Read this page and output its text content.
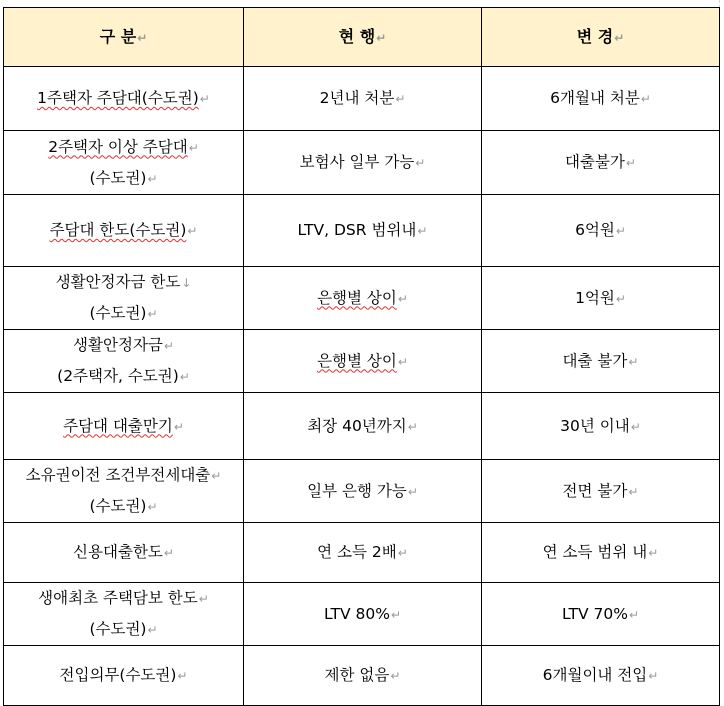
구 분↵	현 행↵	변 경↵
1주택자 주담대(수도권)↵	2년내 처분↵	6개월내 처분↵

2주택자 이상 주담대↵
(수도권)↵	보험사 일부 가능↵	대출불가↵
주담대 한도(수도권)↵	LTV, DSR 범위내↵	6억원↵

생활안정자금 한도↓
(수도권)↵	은행별 상이↵	1억원↵

생활안정자금↵
(2주택자, 수도권)↵	은행별 상이↵	대출 불가↵
주담대 대출만기↵	최장 40년까지↵	30년 이내↵

소유권이전 조건부전세대출↵
(수도권)↵	일부 은행 가능↵	전면 불가↵
신용대출한도↵	연 소득 2배↵	연 소득 범위 내↵

생애최초 주택담보 한도↵
(수도권)↵	LTV 80%↵	LTV 70%↵
전입의무(수도권)↵	제한 없음↵	6개월이내 전입↵
